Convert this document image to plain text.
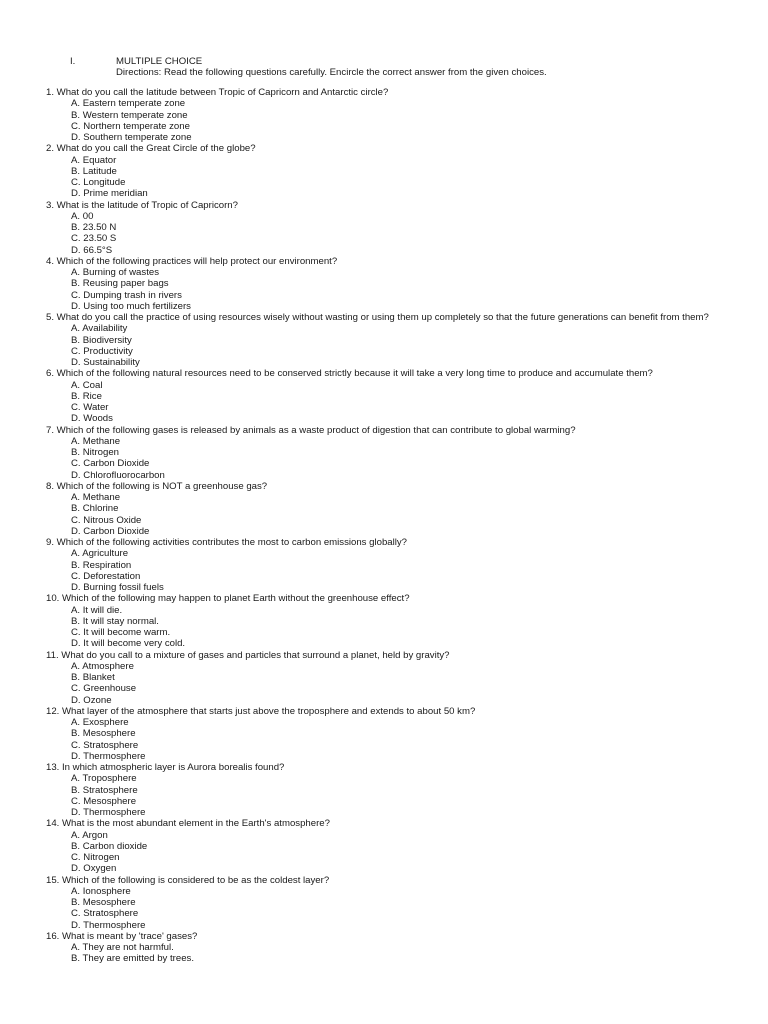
I.	MULTIPLE CHOICE
Directions: Read the following questions carefully. Encircle the correct answer from the given choices.
1. What do you call the latitude between Tropic of Capricorn and Antarctic circle?
A. Eastern temperate zone
B. Western temperate zone
C. Northern temperate zone
D. Southern temperate zone
2. What do you call the Great Circle of the globe?
A. Equator
B. Latitude
C. Longitude
D. Prime meridian
3. What is the latitude of Tropic of Capricorn?
A. 00
B. 23.50 N
C. 23.50 S
D. 66.5°S
4. Which of the following practices will help protect our environment?
A. Burning of wastes
B. Reusing paper bags
C. Dumping trash in rivers
D. Using too much fertilizers
5. What do you call the practice of using resources wisely without wasting or using them up completely so that the future generations can benefit from them?
A. Availability
B. Biodiversity
C. Productivity
D. Sustainability
6. Which of the following natural resources need to be conserved strictly because it will take a very long time to produce and accumulate them?
A. Coal
B. Rice
C. Water
D. Woods
7. Which of the following gases is released by animals as a waste product of digestion that can contribute to global warming?
A. Methane
B. Nitrogen
C. Carbon Dioxide
D. Chlorofluorocarbon
8. Which of the following is NOT a greenhouse gas?
A. Methane
B. Chlorine
C. Nitrous Oxide
D. Carbon Dioxide
9. Which of the following activities contributes the most to carbon emissions globally?
A. Agriculture
B. Respiration
C. Deforestation
D. Burning fossil fuels
10. Which of the following may happen to planet Earth without the greenhouse effect?
A. It will die.
B. It will stay normal.
C. It will become warm.
D. It will become very cold.
11. What do you call to a mixture of gases and particles that surround a planet, held by gravity?
A. Atmosphere
B. Blanket
C. Greenhouse
D. Ozone
12. What layer of the atmosphere that starts just above the troposphere and extends to about 50 km?
A. Exosphere
B. Mesosphere
C. Stratosphere
D. Thermosphere
13. In which atmospheric layer is Aurora borealis found?
A. Troposphere
B. Stratosphere
C. Mesosphere
D. Thermosphere
14. What is the most abundant element in the Earth's atmosphere?
A. Argon
B. Carbon dioxide
C. Nitrogen
D. Oxygen
15. Which of the following is considered to be as the coldest layer?
A. Ionosphere
B. Mesosphere
C. Stratosphere
D. Thermosphere
16. What is meant by 'trace' gases?
A. They are not harmful.
B. They are emitted by trees.
